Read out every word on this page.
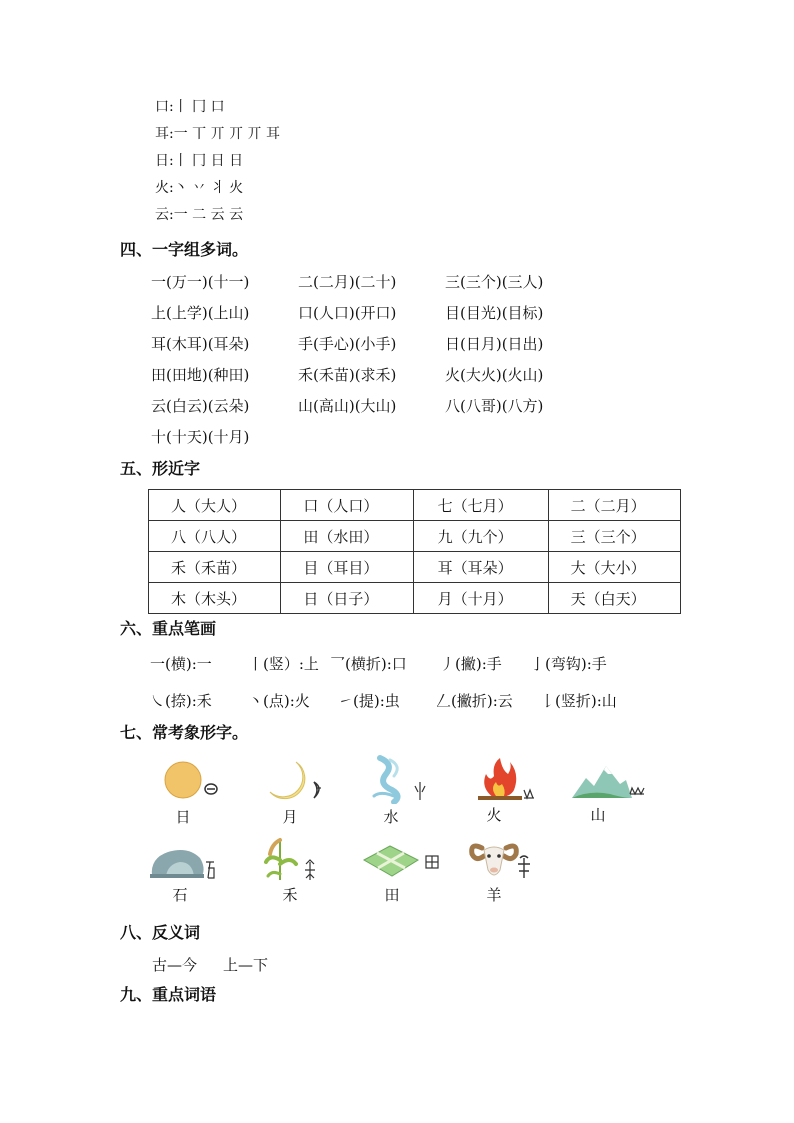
口:丨 冂 口
耳:一 丅 丌 丌 丌 耳
日:丨 冂 日 日
火:丶 丷 丬 火
云:一 二 云 云
四、一字组多词。
一(万一)(十一)	二(二月)(二十)	三(三个)(三人)
上(上学)(上山)	口(人口)(开口)	目(目光)(目标)
耳(木耳)(耳朵)	手(手心)(小手)	日(日月)(日出)
田(田地)(种田)	禾(禾苗)(求禾)	火(大火)(火山)
云(白云)(云朵)	山(高山)(大山)	八(八哥)(八方)
十(十天)(十月)
五、形近字
人（大人）	口（人口）	七（七月）	二（二月）
八（八人）	田（水田）	九（九个）	三（三个）
禾（禾苗）	目（耳目）	耳（耳朵）	大（大小）
木（木头）	日（日子）	月（十月）	天（白天）
六、重点笔画
一(横):一 丨(竖）:上 乛(横折):口 丿(撇):手 亅(弯钩):手
㇏(捺):禾 丶(点):火 ㇀(提):虫 𠃋(撇折):云 𠄌(竖折):山
七、常考象形字。
日	月	水	火	山
石	禾	田	羊
八、反义词
古—今 上—下
九、重点词语
